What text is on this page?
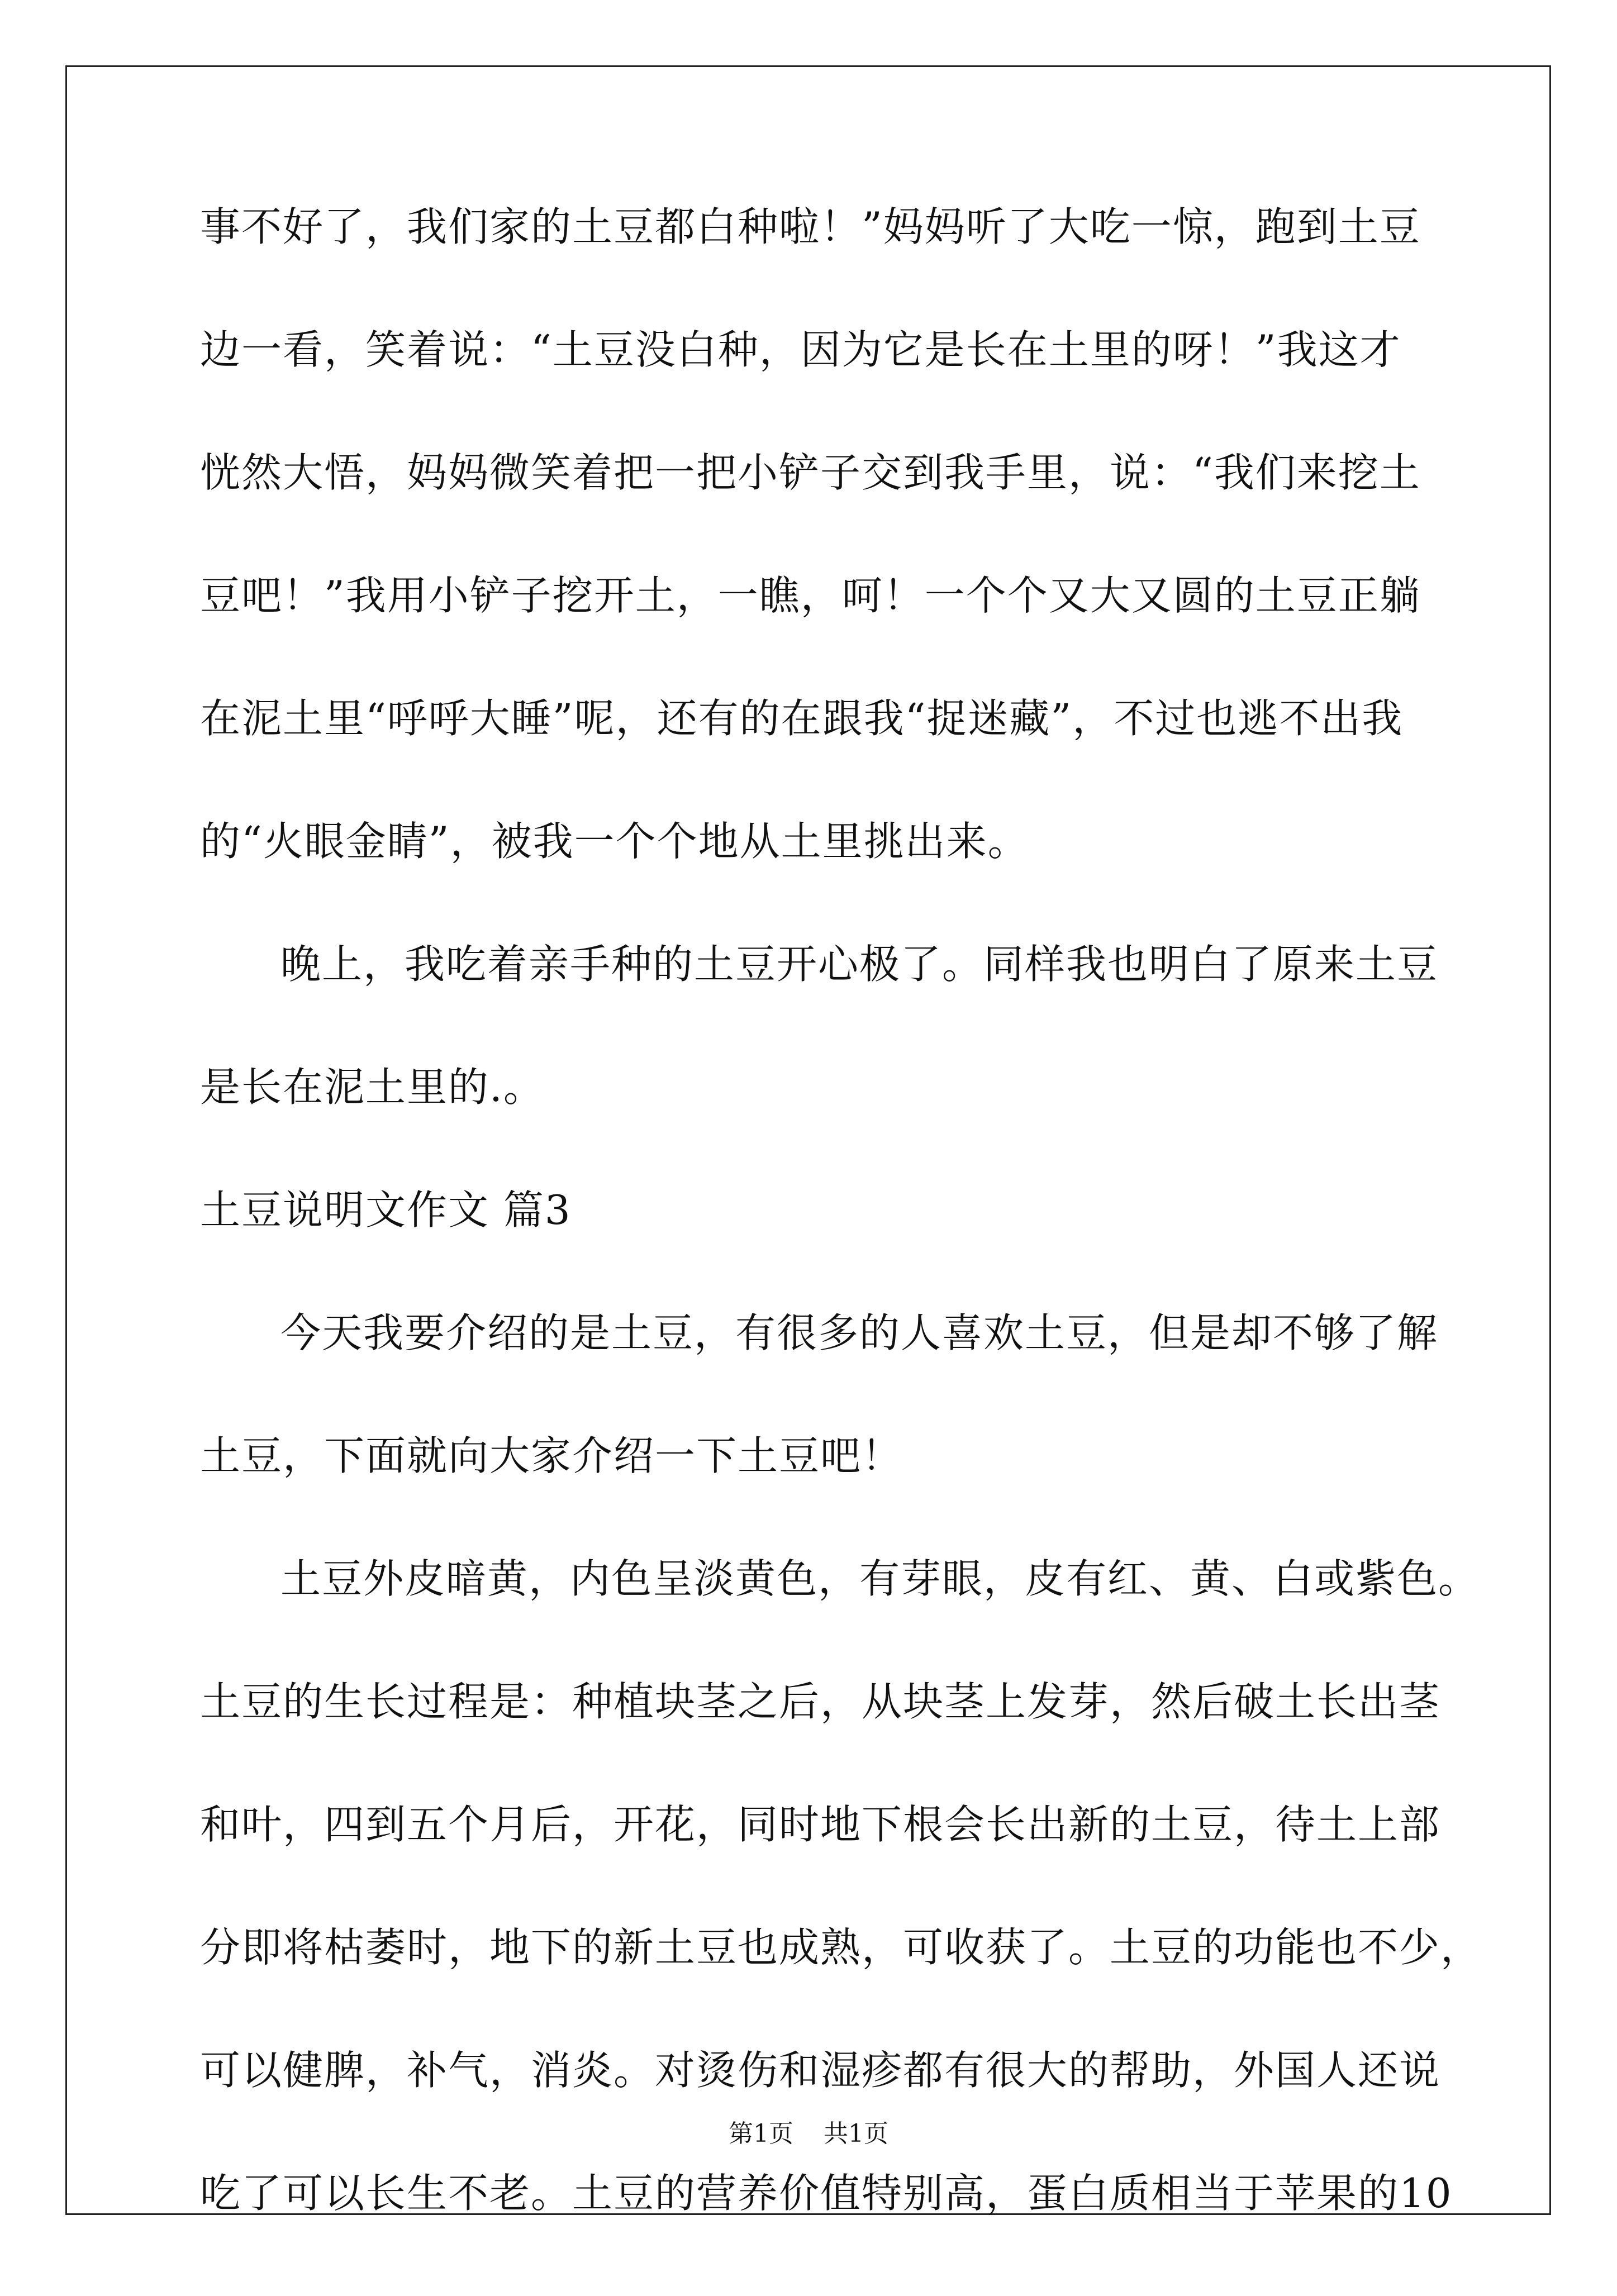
事不好了，我们家的土豆都白种啦！”妈妈听了大吃一惊，跑到土豆
边一看，笑着说：“土豆没白种，因为它是长在土里的呀！”我这才
恍然大悟，妈妈微笑着把一把小铲子交到我手里，说：“我们来挖土
豆吧！”我用小铲子挖开土，一瞧，呵！一个个又大又圆的土豆正躺
在泥土里“呼呼大睡”呢，还有的在跟我“捉迷藏”，不过也逃不出我
的“火眼金睛”，被我一个个地从土里挑出来。
晚上，我吃着亲手种的土豆开心极了。同样我也明白了原来土豆
是长在泥土里的.。
土豆说明文作文 篇3
今天我要介绍的是土豆，有很多的人喜欢土豆，但是却不够了解
土豆，下面就向大家介绍一下土豆吧！
土豆外皮暗黄，内色呈淡黄色，有芽眼，皮有红、黄、白或紫色。
土豆的生长过程是：种植块茎之后，从块茎上发芽，然后破土长出茎
和叶，四到五个月后，开花，同时地下根会长出新的土豆，待土上部
分即将枯萎时，地下的新土豆也成熟，可收获了。土豆的功能也不少，
可以健脾，补气，消炎。对烫伤和湿疹都有很大的帮助，外国人还说
吃了可以长生不老。土豆的营养价值特别高，蛋白质相当于苹果的10
第1页 共1页
